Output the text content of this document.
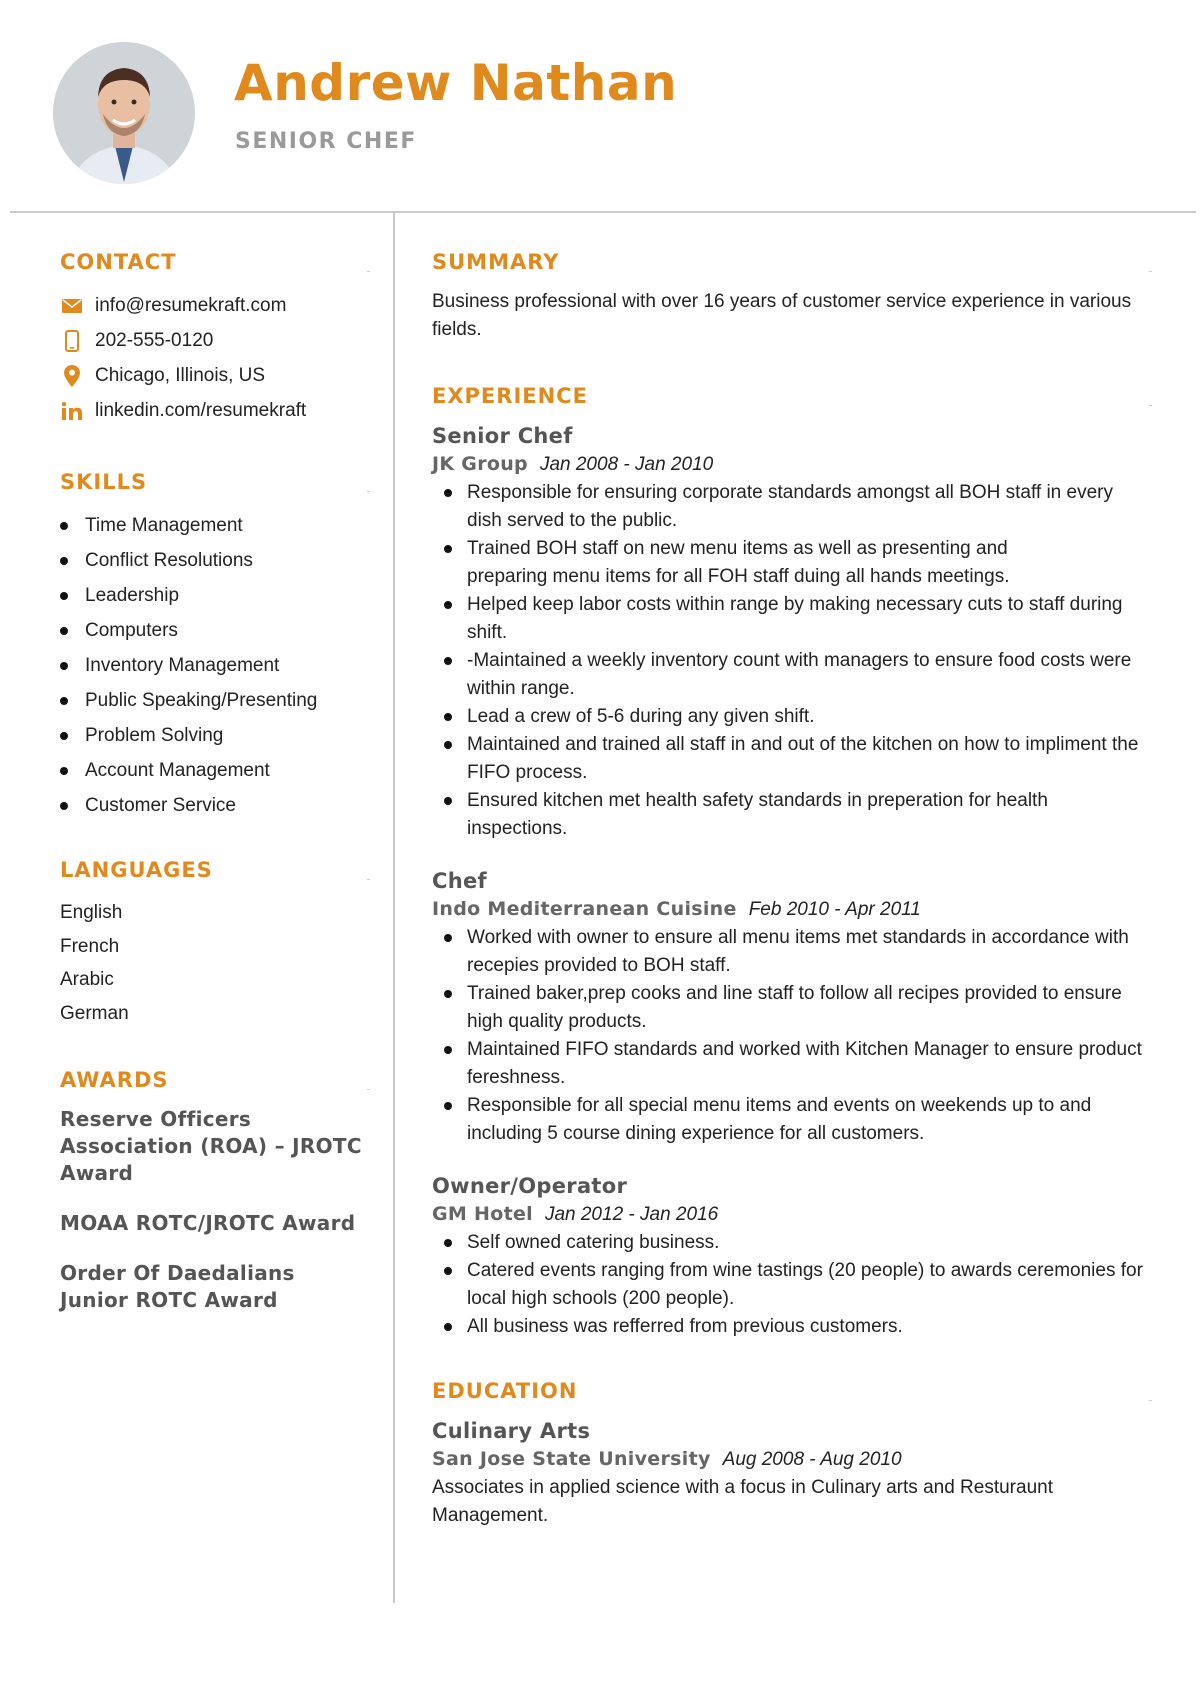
Andrew Nathan
SENIOR CHEF
CONTACT
info@resumekraft.com
202-555-0120
Chicago, Illinois, US
linkedin.com/resumekraft
SKILLS
Time Management
Conflict Resolutions
Leadership
Computers
Inventory Management
Public Speaking/Presenting
Problem Solving
Account Management
Customer Service
LANGUAGES
English
French
Arabic
German
AWARDS
Reserve Officers Association (ROA) – JROTC Award
MOAA ROTC/JROTC Award
Order Of Daedalians Junior ROTC Award
SUMMARY

Business professional with over 16 years of customer service experience in various fields.

EXPERIENCE
Senior Chef
JK Group Jan 2008 - Jan 2010
Responsible for ensuring corporate standards amongst all BOH staff in every dish served to the public.
Trained BOH staff on new menu items as well as presenting and preparing menu items for all FOH staff duing all hands meetings.
Helped keep labor costs within range by making necessary cuts to staff during shift.
-Maintained a weekly inventory count with managers to ensure food costs were within range.
Lead a crew of 5-6 during any given shift.
Maintained and trained all staff in and out of the kitchen on how to impliment the FIFO process.
Ensured kitchen met health safety standards in preperation for health inspections.
Chef
Indo Mediterranean Cuisine Feb 2010 - Apr 2011
Worked with owner to ensure all menu items met standards in accordance with recepies provided to BOH staff.
Trained baker,prep cooks and line staff to follow all recipes provided to ensure high quality products.
Maintained FIFO standards and worked with Kitchen Manager to ensure product fereshness.
Responsible for all special menu items and events on weekends up to and including 5 course dining experience for all customers.
Owner/Operator
GM Hotel Jan 2012 - Jan 2016
Self owned catering business.
Catered events ranging from wine tastings (20 people) to awards ceremonies for local high schools (200 people).
All business was refferred from previous customers.
EDUCATION
Culinary Arts
San Jose State University Aug 2008 - Aug 2010

Associates in applied science with a focus in Culinary arts and Resturaunt Management.
